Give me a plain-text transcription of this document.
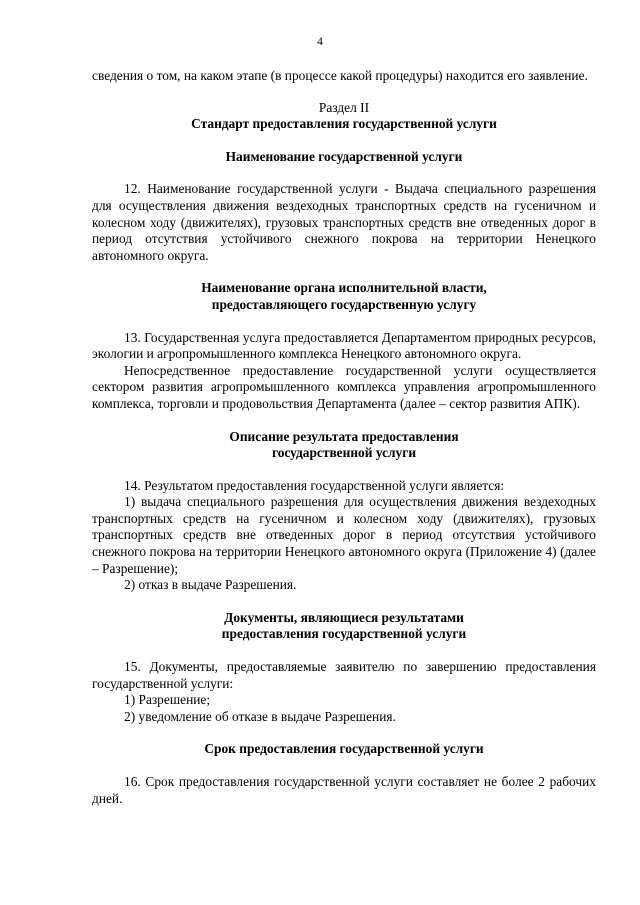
4

сведения о том, на каком этапе (в процессе какой процедуры) находится его заявление.

Раздел II

Стандарт предоставления государственной услуги

Наименование государственной услуги

12. Наименование государственной услуги - Выдача специального разрешения для осуществления движения вездеходных транспортных средств на гусеничном и колесном ходу (движителях), грузовых транспортных средств вне отведенных дорог в период отсутствия устойчивого снежного покрова на территории Ненецкого автономного округа.

Наименование органа исполнительной власти,

предоставляющего государственную услугу

13. Государственная услуга предоставляется Департаментом природных ресурсов, экологии и агропромышленного комплекса Ненецкого автономного округа.

Непосредственное предоставление государственной услуги осуществляется сектором развития агропромышленного комплекса управления агропромышленного комплекса, торговли и продовольствия Департамента (далее – сектор развития АПК).

Описание результата предоставления

государственной услуги

14. Результатом предоставления государственной услуги является:

1) выдача специального разрешения для осуществления движения вездеходных транспортных средств на гусеничном и колесном ходу (движителях), грузовых транспортных средств вне отведенных дорог в период отсутствия устойчивого снежного покрова на территории Ненецкого автономного округа (Приложение 4) (далее – Разрешение);

2) отказ в выдаче Разрешения.

Документы, являющиеся результатами

предоставления государственной услуги

15. Документы, предоставляемые заявителю по завершению предоставления государственной услуги:

1) Разрешение;

2) уведомление об отказе в выдаче Разрешения.

Срок предоставления государственной услуги

16. Срок предоставления государственной услуги составляет не более 2 рабочих дней.
